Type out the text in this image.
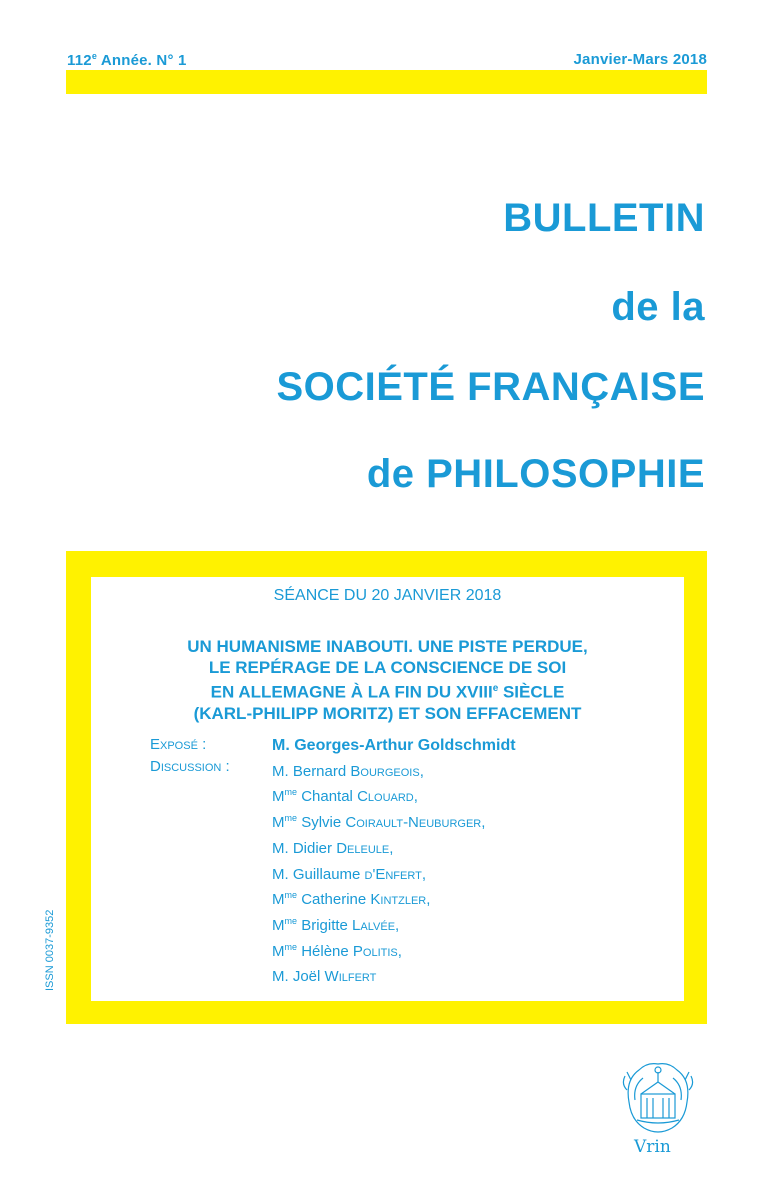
112e Année. N° 1	Janvier-Mars 2018
BULLETIN
de la
SOCIÉTÉ FRANÇAISE
de PHILOSOPHIE
SÉANCE DU 20 JANVIER 2018
UN HUMANISME INABOUTI. UNE PISTE PERDUE,
LE REPÉRAGE DE LA CONSCIENCE DE SOI
EN ALLEMAGNE À LA FIN DU XVIIIe SIÈCLE
(KARL-PHILIPP MORITZ) ET SON EFFACEMENT
Exposé :
Discussion :
M. Georges-Arthur Goldschmidt
M. Bernard Bourgeois,
$M^{me}$ Chantal Clouard,
$M^{me}$ Sylvie Coirault-Neuburger,
M. Didier Deleule,
M. Guillaume d'Enfert,
$M^{me}$ Catherine Kintzler,
$M^{me}$ Brigitte Lalvée,
$M^{me}$ Hélène Politis,
M. Joël Wilfert
ISSN 0037-9352
Vrin
